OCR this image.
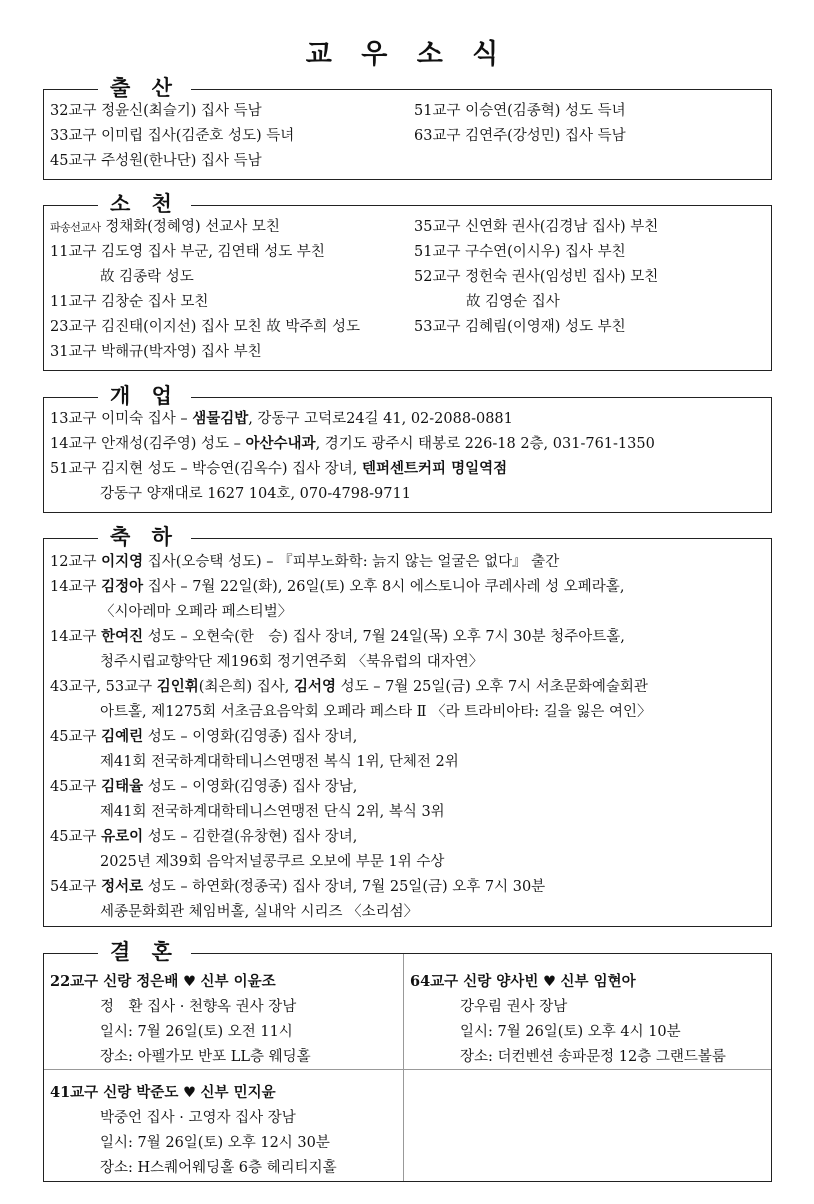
교 우 소 식
출 산
32교구 정윤신(최슬기) 집사 득남
33교구 이미립 집사(김준호 성도) 득녀
45교구 주성원(한나단) 집사 득남
51교구 이승연(김종혁) 성도 득녀
63교구 김연주(강성민) 집사 득남
소 천
파송선교사 정채화(정혜영) 선교사 모친
11교구 김도영 집사 부군, 김연태 성도 부친
故 김종락 성도
11교구 김창순 집사 모친
23교구 김진태(이지선) 집사 모친 故 박주희 성도
31교구 박해규(박자영) 집사 부친
35교구 신연화 권사(김경남 집사) 부친
51교구 구수연(이시우) 집사 부친
52교구 정헌숙 권사(임성빈 집사) 모친
故 김영순 집사
53교구 김혜림(이영재) 성도 부친
개 업
13교구 이미숙 집사 – 샘물김밥, 강동구 고덕로24길 41, 02-2088-0881
14교구 안재성(김주영) 성도 – 아산수내과, 경기도 광주시 태봉로 226-18 2층, 031-761-1350
51교구 김지현 성도 – 박승연(김옥수) 집사 장녀, 텐퍼센트커피 명일역점
강동구 양재대로 1627 104호, 070-4798-9711
축 하
12교구 이지영 집사(오승택 성도) – 『피부노화학: 늙지 않는 얼굴은 없다』 출간
14교구 김정아 집사 – 7월 22일(화), 26일(토) 오후 8시 에스토니아 쿠레사레 성 오페라홀,
〈시아레마 오페라 페스티벌〉
14교구 한여진 성도 – 오현숙(한　승) 집사 장녀, 7월 24일(목) 오후 7시 30분 청주아트홀,
청주시립교향악단 제196회 정기연주회 〈북유럽의 대자연〉
43교구, 53교구 김인휘(최은희) 집사, 김서영 성도 – 7월 25일(금) 오후 7시 서초문화예술회관
아트홀, 제1275회 서초금요음악회 오페라 페스타 Ⅱ 〈라 트라비아타: 길을 잃은 여인〉
45교구 김예린 성도 – 이영화(김영종) 집사 장녀,
제41회 전국하계대학테니스연맹전 복식 1위, 단체전 2위
45교구 김태율 성도 – 이영화(김영종) 집사 장남,
제41회 전국하계대학테니스연맹전 단식 2위, 복식 3위
45교구 유로이 성도 – 김한결(유창현) 집사 장녀,
2025년 제39회 음악저널콩쿠르 오보에 부문 1위 수상
54교구 정서로 성도 – 하연화(정종국) 집사 장녀, 7월 25일(금) 오후 7시 30분
세종문화회관 체임버홀, 실내악 시리즈 〈소리섬〉
결 혼
22교구 신랑 정은배 ♥ 신부 이윤조
정　환 집사 · 천향옥 권사 장남
일시: 7월 26일(토) 오전 11시
장소: 아펠가모 반포 LL층 웨딩홀
64교구 신랑 양사빈 ♥ 신부 임현아
강우림 권사 장남
일시: 7월 26일(토) 오후 4시 10분
장소: 더컨벤션 송파문정 12층 그랜드볼룸
41교구 신랑 박준도 ♥ 신부 민지윤
박중언 집사 · 고영자 집사 장남
일시: 7월 26일(토) 오후 12시 30분
장소: H스퀘어웨딩홀 6층 헤리티지홀
